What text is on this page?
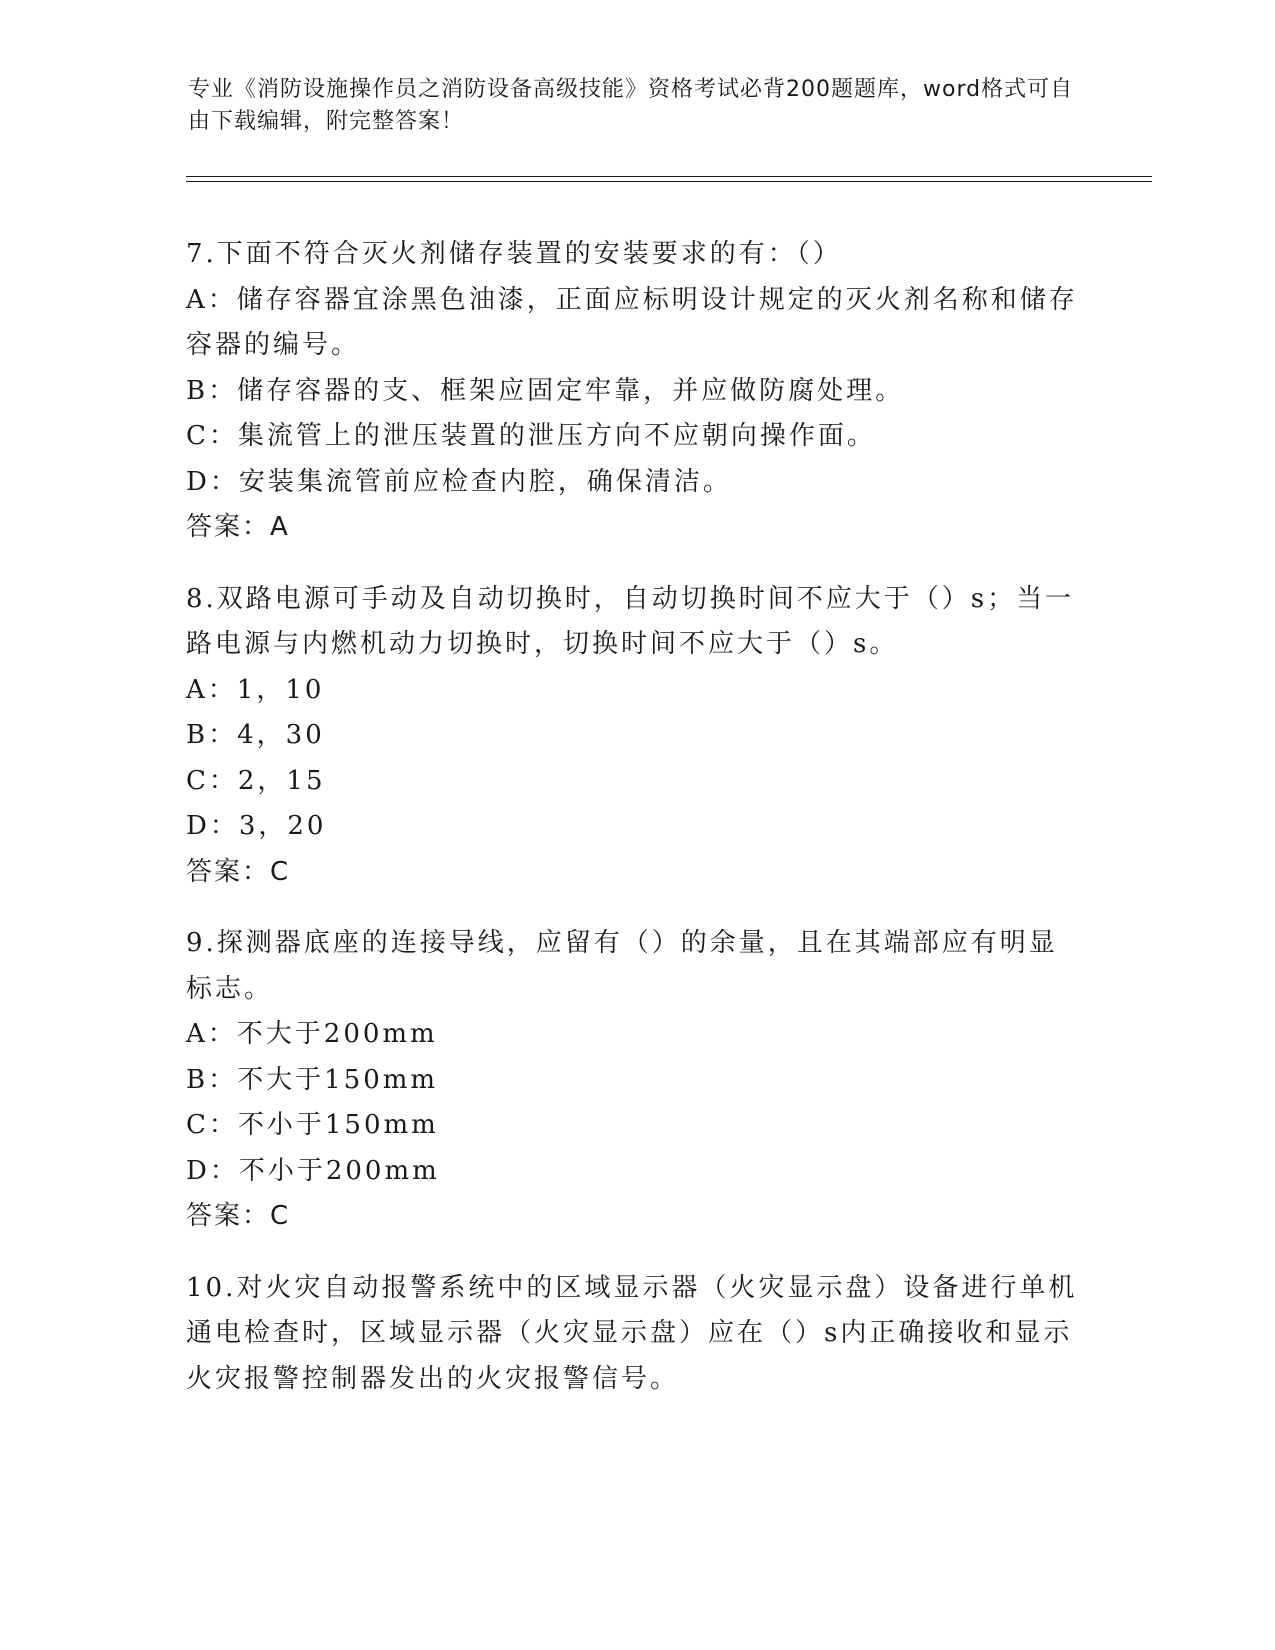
专业《消防设施操作员之消防设备高级技能》资格考试必背200题题库，word格式可自由下载编辑，附完整答案！

7.下面不符合灭火剂储存装置的安装要求的有：（）

A：储存容器宜涂黑色油漆，正面应标明设计规定的灭火剂名称和储存

容器的编号。

B：储存容器的支、框架应固定牢靠，并应做防腐处理。

C：集流管上的泄压装置的泄压方向不应朝向操作面。

D：安装集流管前应检查内腔，确保清洁。

答案：A

8.双路电源可手动及自动切换时，自动切换时间不应大于（）s；当一

路电源与内燃机动力切换时，切换时间不应大于（）s。

A：1，10

B：4，30

C：2，15

D：3，20

答案：C

9.探测器底座的连接导线，应留有（）的余量，且在其端部应有明显

标志。

A：不大于200mm

B：不大于150mm

C：不小于150mm

D：不小于200mm

答案：C

10.对火灾自动报警系统中的区域显示器（火灾显示盘）设备进行单机

通电检查时，区域显示器（火灾显示盘）应在（）s内正确接收和显示

火灾报警控制器发出的火灾报警信号。
